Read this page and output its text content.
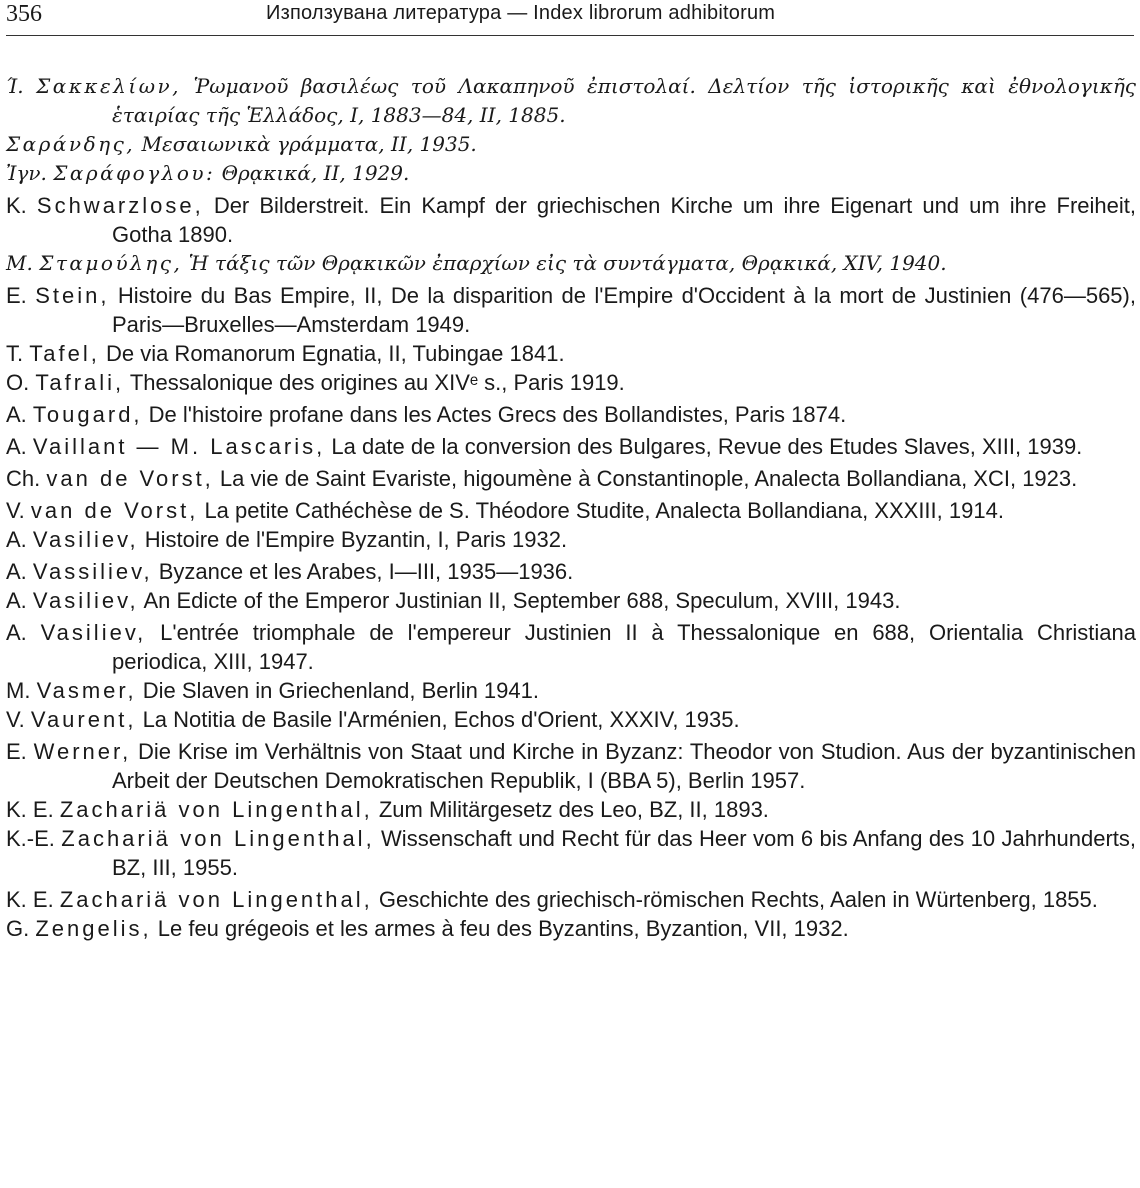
356	Използувана литература — Index librorum adhibitorum

Ί. Σακκελίων, Ῥωμανοῦ βασιλέως τοῦ Λακαπηνοῦ ἐπιστολαί. Δελτίον τῆς ἱστορικῆς καὶ ἐθνολογικῆς ἑταιρίας τῆς Ἑλλάδος, Ι, 1883—84, ΙΙ, 1885.

Σαράνδης, Μεσαιωνικὰ γράμματα, ΙΙ, 1935.

Ἰγν. Σαράφογλου: Θρᾳκικά, ΙΙ, 1929.

K. Schwarzlose, Der Bilderstreit. Ein Kampf der griechischen Kirche um ihre Eigenart und um ihre Freiheit, Gotha 1890.

Μ. Σταμούλης, Ἡ τάξις τῶν Θρᾳκικῶν ἐπαρχίων εἰς τὰ συντάγματα, Θρᾳκικά, XIV, 1940.

E. Stein, Histoire du Bas Empire, II, De la disparition de l'Empire d'Occident à la mort de Justinien (476—565), Paris—Bruxelles—Amsterdam 1949.

T. Tafel, De via Romanorum Egnatia, II, Tubingae 1841.

O. Tafrali, Thessalonique des origines au XIVᵉ s., Paris 1919.

A. Tougard, De l'histoire profane dans les Actes Grecs des Bollandistes, Paris 1874.

A. Vaillant — M. Lascaris, La date de la conversion des Bulgares, Revue des Etudes Slaves, XIII, 1939.

Ch. van de Vorst, La vie de Saint Evariste, higoumène à Constantinople, Analecta Bollandiana, XCI, 1923.

V. van de Vorst, La petite Cathéchèse de S. Théodore Studite, Analecta Bollandiana, XXXIII, 1914.

A. Vasiliev, Histoire de l'Empire Byzantin, I, Paris 1932.

A. Vassiliev, Byzance et les Arabes, I—III, 1935—1936.

A. Vasiliev, An Edicte of the Emperor Justinian II, September 688, Speculum, XVIII, 1943.

A. Vasiliev, L'entrée triomphale de l'empereur Justinien II à Thessalonique en 688, Orientalia Christiana periodica, XIII, 1947.

M. Vasmer, Die Slaven in Griechenland, Berlin 1941.

V. Vaurent, La Notitia de Basile l'Arménien, Echos d'Orient, XXXIV, 1935.

E. Werner, Die Krise im Verhältnis von Staat und Kirche in Byzanz: Theodor von Studion. Aus der byzantinischen Arbeit der Deutschen Demokratischen Republik, I (BBA 5), Berlin 1957.

K. E. Zachariä von Lingenthal, Zum Militärgesetz des Leo, BZ, II, 1893.

K.-E. Zachariä von Lingenthal, Wissenschaft und Recht für das Heer vom 6 bis Anfang des 10 Jahrhunderts, BZ, III, 1955.

K. E. Zachariä von Lingenthal, Geschichte des griechisch-römischen Rechts, Aalen in Würtenberg, 1855.

G. Zengelis, Le feu grégeois et les armes à feu des Byzantins, Byzantion, VII, 1932.
